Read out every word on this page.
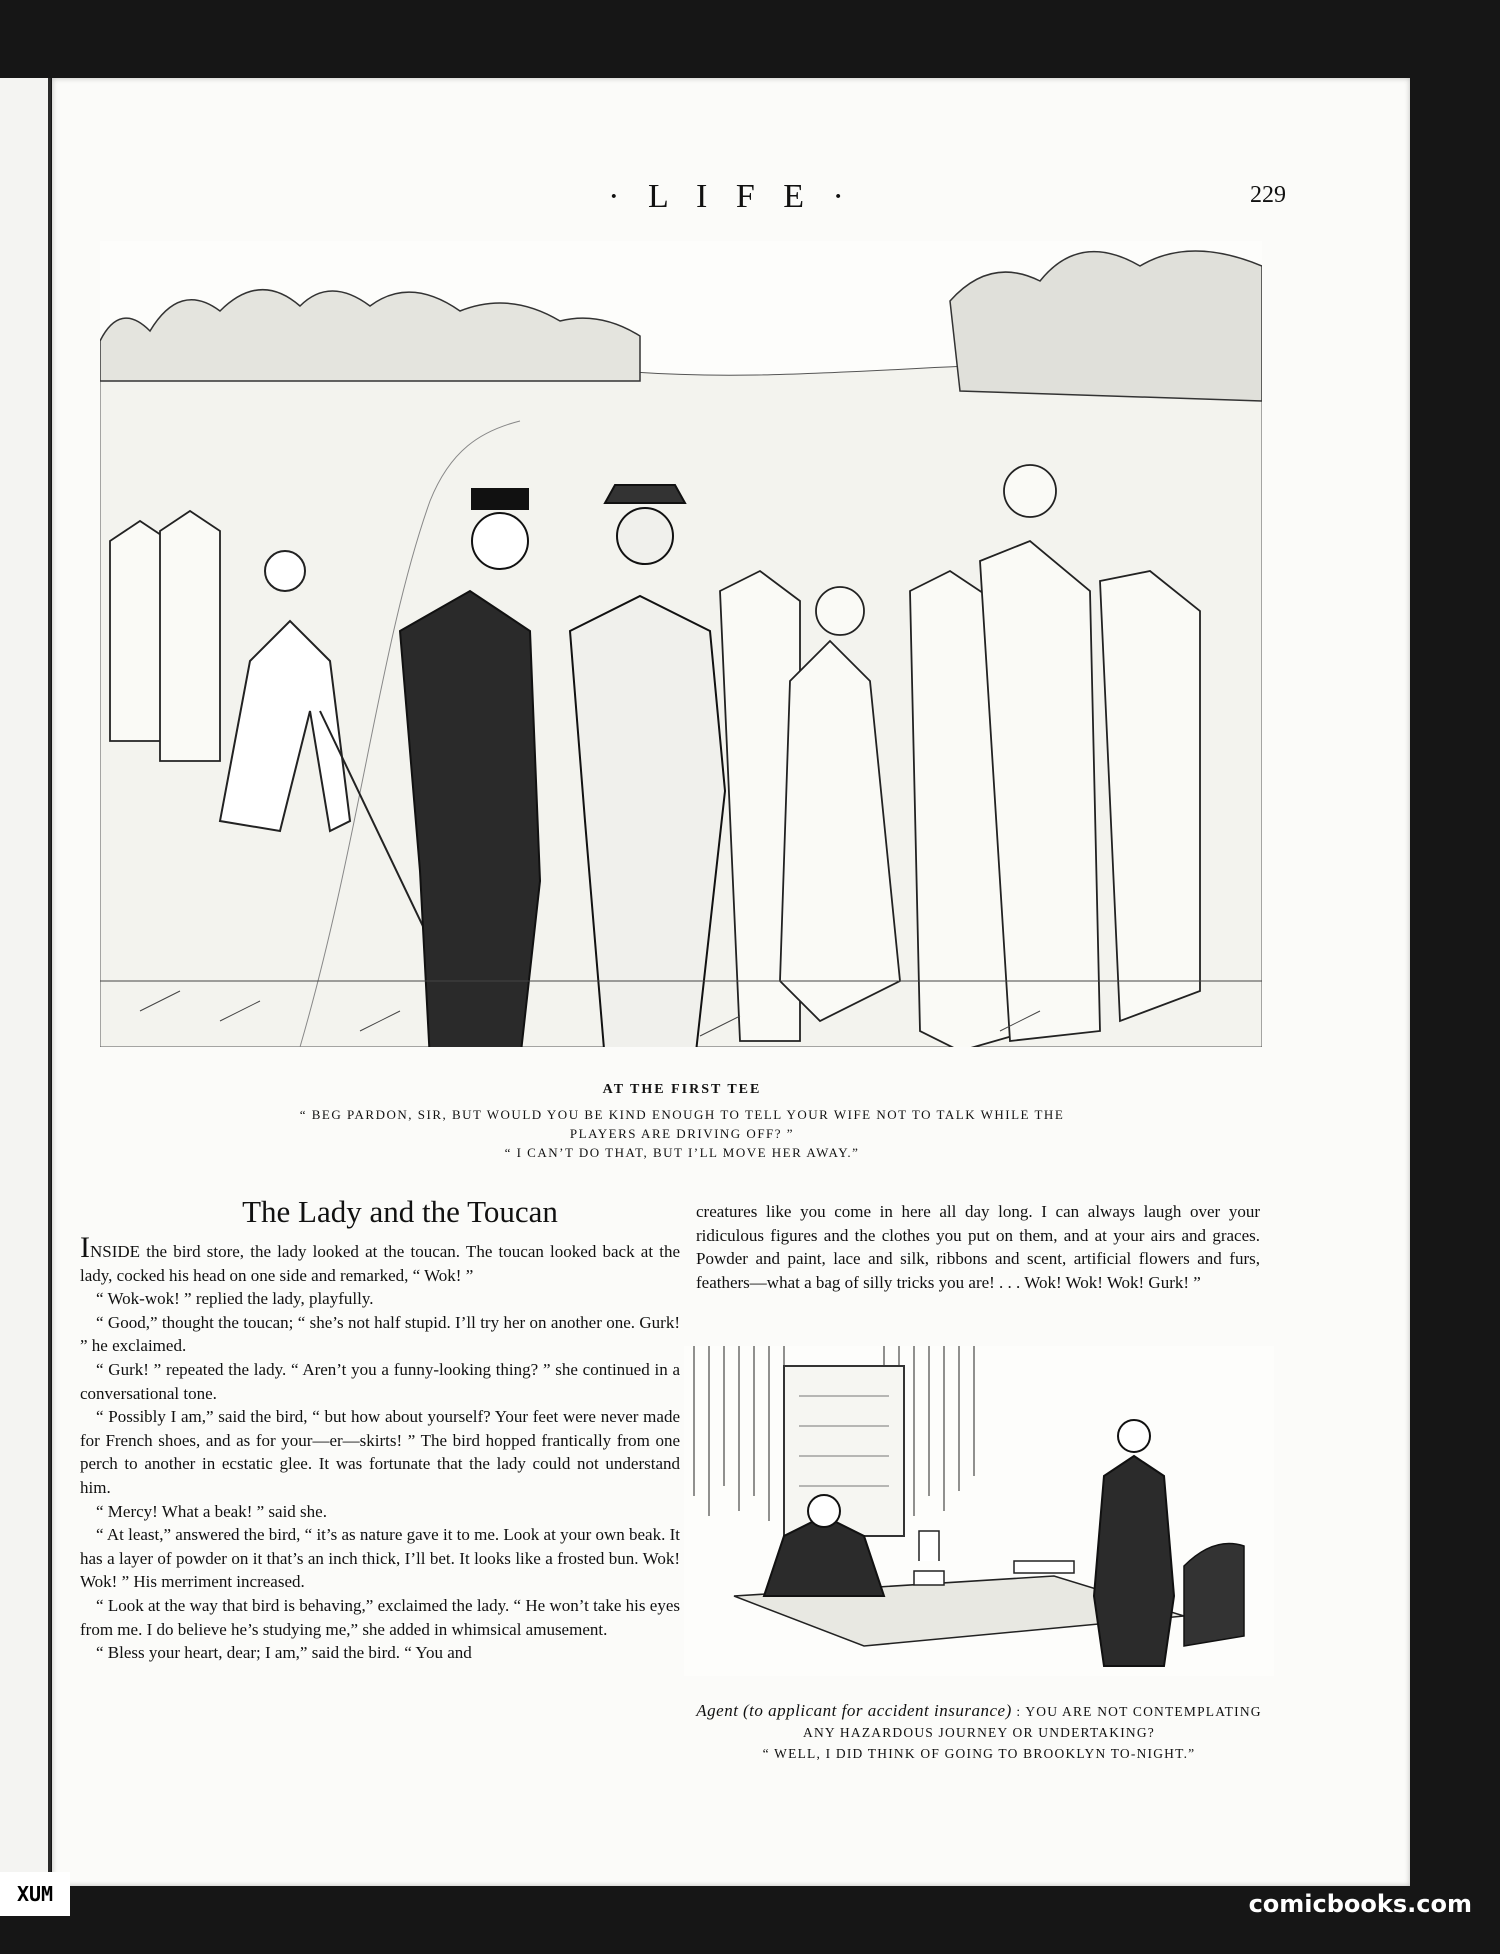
· L I F E ·	229
AT THE FIRST TEE
“ BEG PARDON, SIR, BUT WOULD YOU BE KIND ENOUGH TO TELL YOUR WIFE NOT TO TALK WHILE THE
PLAYERS ARE DRIVING OFF? ”
“ I CAN’T DO THAT, BUT I’LL MOVE HER AWAY.”
The Lady and the Toucan

INSIDE the bird store, the lady looked at the toucan. The toucan looked back at the lady, cocked his head on one side and remarked, “ Wok! ”

“ Wok-wok! ” replied the lady, playfully.

“ Good,” thought the toucan; “ she’s not half stupid. I’ll try her on another one. Gurk! ” he exclaimed.

“ Gurk! ” repeated the lady. “ Aren’t you a funny-looking thing? ” she continued in a conversational tone.

“ Possibly I am,” said the bird, “ but how about yourself? Your feet were never made for French shoes, and as for your—er—skirts! ” The bird hopped frantically from one perch to another in ecstatic glee. It was fortunate that the lady could not understand him.

“ Mercy! What a beak! ” said she.

“ At least,” answered the bird, “ it’s as nature gave it to me. Look at your own beak. It has a layer of powder on it that’s an inch thick, I’ll bet. It looks like a frosted bun. Wok! Wok! ” His merriment increased.

“ Look at the way that bird is behaving,” exclaimed the lady. “ He won’t take his eyes from me. I do believe he’s studying me,” she added in whimsical amusement.

“ Bless your heart, dear; I am,” said the bird. “ You and

creatures like you come in here all day long. I can always laugh over your ridiculous figures and the clothes you put on them, and at your airs and graces. Powder and paint, lace and silk, ribbons and scent, artificial flowers and furs, feathers—what a bag of silly tricks you are! . . . Wok! Wok! Wok! Gurk! ”

Agent (to applicant for accident insurance) : YOU ARE NOT CONTEMPLATING ANY HAZARDOUS JOURNEY OR UNDERTAKING?
“ WELL, I DID THINK OF GOING TO BROOKLYN TO-NIGHT.”
XUM	comicbooks.com
